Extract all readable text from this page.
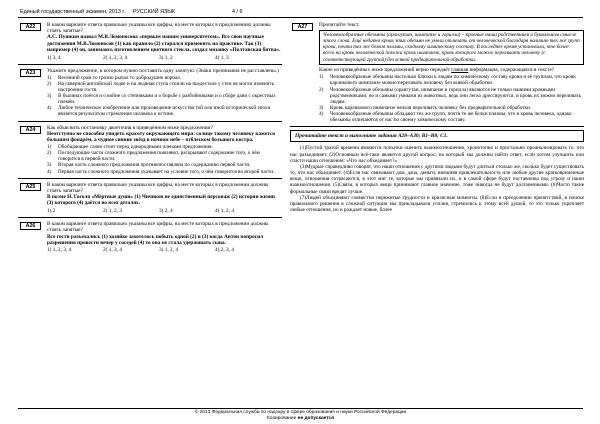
Единый государственный экзамен, 2013 г. РУССКИЙ ЯЗЫК	4 / 6
A22	В каком варианте ответа правильно указаны все цифры, на месте которых в предложениях должны стоять запятые?
А.С. Пушкин назвал М.В.Ломоносова «первым нашим университетом». Все свои научные достижения М.В.Ломоносов (1) как правило (2) старался применять на практике. Так (3) например (4) он, занимаясь изготовлением цветного стекла, создал мозаику «Полтавская битва».
1) 3, 4	2) 1, 2, 3, 4	3) 1, 2	4) 1, 3
A23	Укажите предложение, в котором нужно поставить одну запятую. (Знаки препинания не расставлены.)
1)	Весенний гром то грозно рычал то добродушно ворчал.
2)	На скверной английской лодке и на ледяная ступа стоили на пьедестале у стен не могли изменить настроение гостя.
3)	В былинах поётся и о войне со степняками и о борьбе с разбойниками и о сборе дани с окрестных племён.
4)	Любое техническое изобретение или произведение искусства той или иной исторической эпохи является результатом стремления человека к истине.
A24	Как объяснить постановку двоеточия в приведённом ниже предложении?
Неотступно не способна увидеть красоту окружающего мира: солнце такому человеку кажется большим фонарём, а чудное сияние звёзд в ночном небе – отблеском большого костра.
1)	Обобщающее слово стоит перед однородными членами предложения.
2)	Последующие части сложного предложения поясняют, раскрывают содержание того, о чём говорится в первой части.
3)	Вторая часть сложного предложения противопоставлена по содержанию первой части.
4)	Первая часть сложного предложения указывает на условие того, о чём говорится во второй части.
A25	В каком варианте ответа правильно указаны все цифры, на месте которых в предложении должны стоять запятые?
В поэме Н. Гоголя «Мёртвые души» (1) Чичиков не единственный персонаж (2) истории жизни (3) которого (4) даётся во всех деталях.
1) 2	2) 1, 2, 3	3) 2, 4	4) 1, 2, 4
A26	В каком варианте ответа правильно указаны все цифры, на месте которых в предложении должны стоять запятые?
Все гости разъехались (1) хозяйке захотелось побыть одной (2) и (3) когда Антон попросил разрешения провести вечер у соседей (4) то она не стала удерживать сына.
1) 1, 2, 3, 4	2) 1, 3, 4	3) 1, 2, 4	4) 2, 3, 4
A27	Прочитайте текст.
Человекообразные обезьяны (орангутан, шимпанзе и горилла) – кровные наши родственники в буквальном смысле этого слова. Ещё недавно кровь этих обезьян не умели отличать от человеческой благодаря наличию тех же групп крови, почти тех же белков плазмы, сходному химическому составу. В последнее время установили, что более всего на кровь человеческой похожа кровь шимпанзе, кровь которого можно переливать человеку (с соответствующей группой) без всякой предварительной обработки.
Какие из приведённых ниже предложений верно передаёт главная информация, содержащаяся в тексте?
1)	Человекообразные обезьяны настолько близки к людям по химическому составу крови и её группам, что кровь карликового шимпанзе можно переливать человеку без всякой обработки.
2)	Человекообразные обезьяны (орангутан, шимпанзе и горилла) являются не только нашими кровными родственниками, но и самыми умными из животных, ведь они легко дрессируются, и кровь их можно переливать людям.
3)	Кровь карликового шимпанзе нельзя переливать человеку без предварительной обработки.
4)	Человекообразные обезьяны обладают тех же групп, почти те же белки плазмы, что и кровь человека, однако обезьяны отличаются от нас по своему химическому составу.
Прочитайте текст и выполните задания А28–А30; В1–В8; С1.

(1)Пустой тратой времени являются попытки оценить взаимоотношения, хронотопно и пристально проанализировать то, что нас разъединяет. (2)Основным всё-таки является другой вопрос, на который мы должны найти ответ, если хотим улучшить или спасти наши отношения: «Что нас объединяет?»

(3)Мудрые справедливо говорят, что наши отношения с другими людьми будут длиться столько же, сколько будет существовать то, что нас объединяет. (4)Если нас связывают дом, дача, деньги, внешняя привлекательность или любые другие кратковременные вещи, отношения сотрясаются, в этот миг те, которые мы привязали их, и в самой сфере будут поставлены под угрозу и наши взаимоотношения. (5)Связи, в которых вещи принимают главное значение, тоже никогда не будут долговечными. (6)Часто такие формальные связи вредят лучше.

(7)Людей объединяют совместно пережитые трудности и кризисные моменты. (8)Если в преодолении препятствий, в поиске правильного решения в сложной ситуации мы прикладывали усилия, стремились к этому всей душой, то это только укрепляет любые отношения, но и рождает новые, более

© 2013 Федеральная служба по надзору в сфере образования и науки Российской Федерации
Копирование не допускается
